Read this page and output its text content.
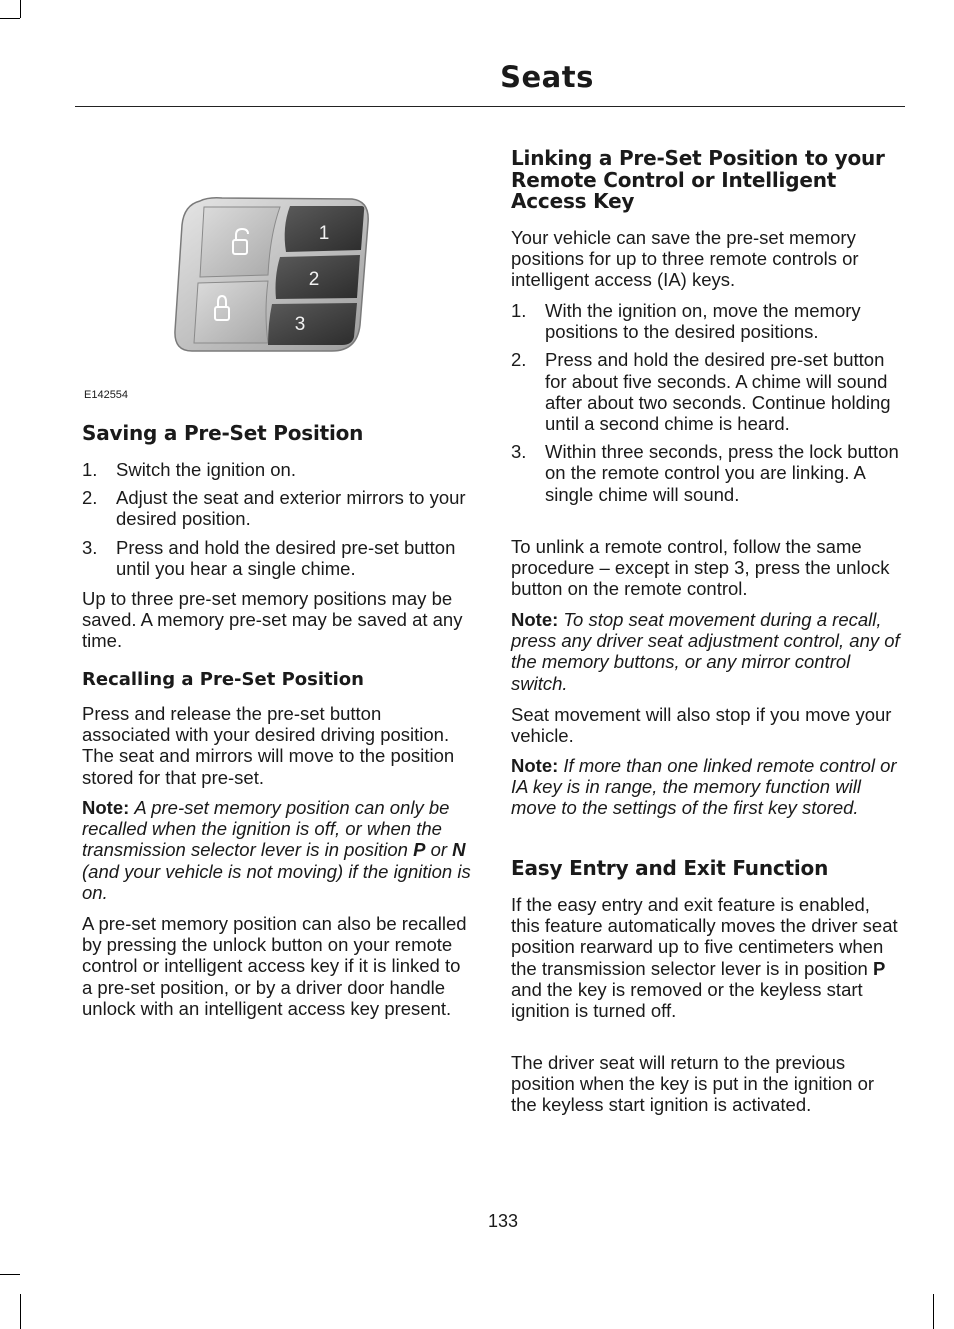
Seats
1
2
3
E142554
Saving a Pre-Set Position
1. Switch the ignition on.
2. Adjust the seat and exterior mirrors to your desired position.
3. Press and hold the desired pre-set button until you hear a single chime.

Up to three pre-set memory positions may be saved. A memory pre-set may be saved at any time.

Recalling a Pre-Set Position

Press and release the pre-set button associated with your desired driving position. The seat and mirrors will move to the position stored for that pre-set.

Note: A pre-set memory position can only be recalled when the ignition is off, or when the transmission selector lever is in position P or N (and your vehicle is not moving) if the ignition is on.

A pre-set memory position can also be recalled by pressing the unlock button on your remote control or intelligent access key if it is linked to a pre-set position, or by a driver door handle unlock with an intelligent access key present.

Linking a Pre-Set Position to your Remote Control or Intelligent Access Key

Your vehicle can save the pre-set memory positions for up to three remote controls or intelligent access (IA) keys.

1. With the ignition on, move the memory positions to the desired positions.
2. Press and hold the desired pre-set button for about five seconds. A chime will sound after about two seconds. Continue holding until a second chime is heard.
3. Within three seconds, press the lock button on the remote control you are linking. A single chime will sound.

To unlink a remote control, follow the same procedure – except in step 3, press the unlock button on the remote control.

Note: To stop seat movement during a recall, press any driver seat adjustment control, any of the memory buttons, or any mirror control switch.

Seat movement will also stop if you move your vehicle.

Note: If more than one linked remote control or IA key is in range, the memory function will move to the settings of the first key stored.

Easy Entry and Exit Function

If the easy entry and exit feature is enabled, this feature automatically moves the driver seat position rearward up to five centimeters when the transmission selector lever is in position P and the key is removed or the keyless start ignition is turned off.

The driver seat will return to the previous position when the key is put in the ignition or the keyless start ignition is activated.

133
